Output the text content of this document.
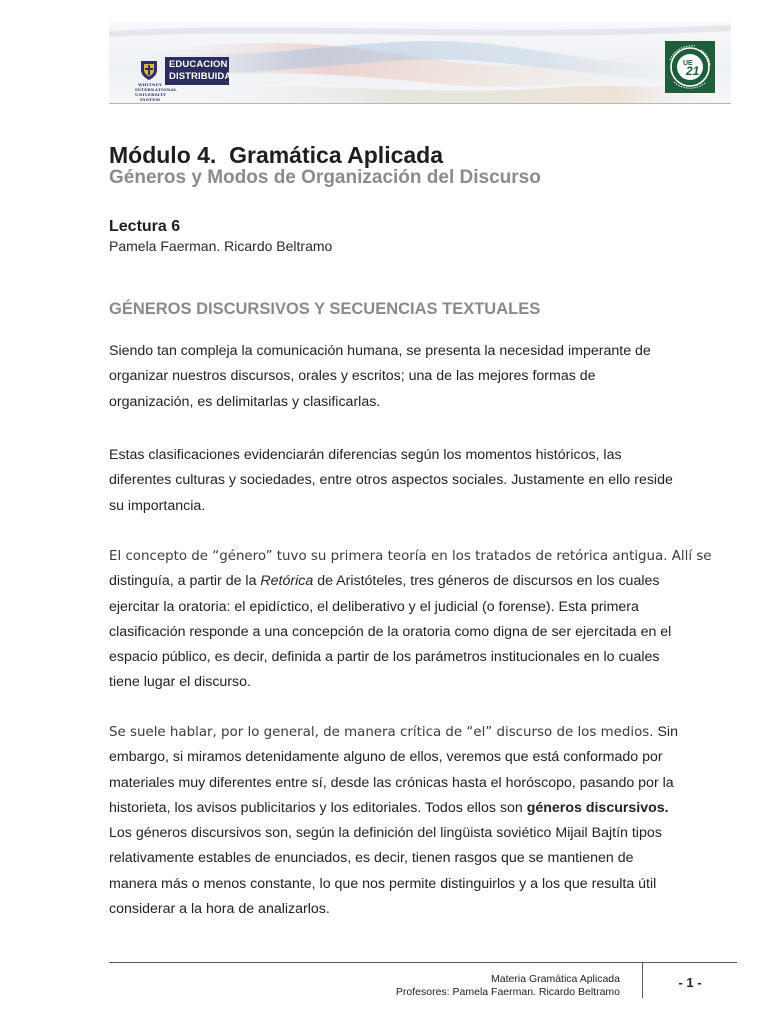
WHITNEY
INTERNATIONAL
UNIVERSITY SYSTEM
EDUCACION
DISTRIBUIDA
UE
21
Módulo 4.  Gramática Aplicada
Géneros y Modos de Organización del Discurso
Lectura 6

Pamela Faerman. Ricardo Beltramo

GÉNEROS DISCURSIVOS Y SECUENCIAS TEXTUALES

Siendo tan compleja la comunicación humana, se presenta la necesidad imperante de
organizar nuestros discursos, orales y escritos; una de las mejores formas de
organización, es delimitarlas y clasificarlas.

Estas clasificaciones evidenciarán diferencias según los momentos históricos, las
diferentes culturas y sociedades, entre otros aspectos sociales. Justamente en ello reside
su importancia.

El concepto de “género” tuvo su primera teoría en los tratados de retórica antigua. Allí se
distinguía, a partir de la Retórica de Aristóteles, tres géneros de discursos en los cuales
ejercitar la oratoria: el epidíctico, el deliberativo y el judicial (o forense). Esta primera
clasificación responde a una concepción de la oratoria como digna de ser ejercitada en el
espacio público, es decir, definida a partir de los parámetros institucionales en lo cuales
tiene lugar el discurso.

Se suele hablar, por lo general, de manera crítica de “el” discurso de los medios. Sin
embargo, si miramos detenidamente alguno de ellos, veremos que está conformado por
materiales muy diferentes entre sí, desde las crónicas hasta el horóscopo, pasando por la
historieta, los avisos publicitarios y los editoriales. Todos ellos son géneros discursivos.
Los géneros discursivos son, según la definición del lingüista soviético Mijail Bajtín tipos
relativamente estables de enunciados, es decir, tienen rasgos que se mantienen de
manera más o menos constante, lo que nos permite distinguirlos y a los que resulta útil
considerar a la hora de analizarlos.

Materia Gramática Aplicada
Profesores: Pamela Faerman. Ricardo Beltramo
- 1 -
